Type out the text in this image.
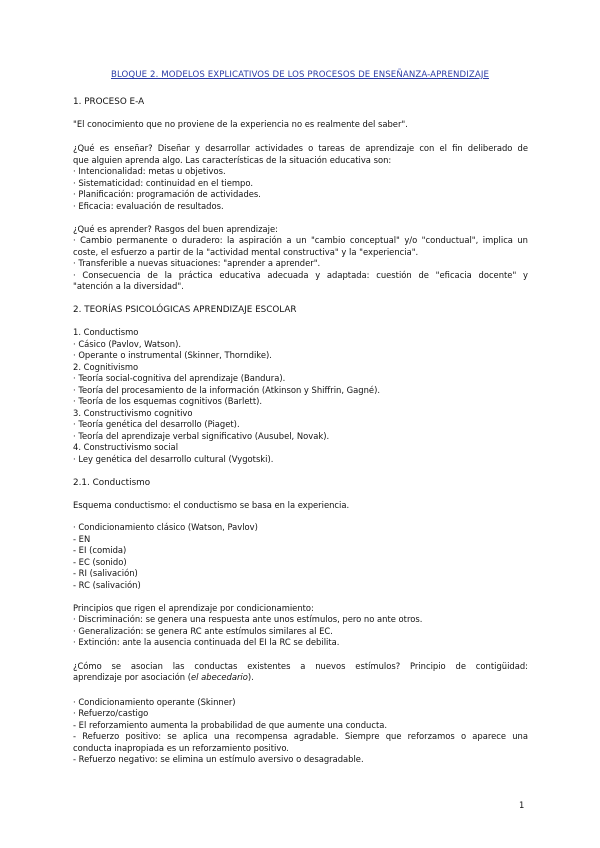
BLOQUE 2. MODELOS EXPLICATIVOS DE LOS PROCESOS DE ENSEÑANZA-APRENDIZAJE
1. PROCESO E-A
"El conocimiento que no proviene de la experiencia no es realmente del saber".
¿Qué es enseñar? Diseñar y desarrollar actividades o tareas de aprendizaje con el fin deliberado de
que alguien aprenda algo. Las características de la situación educativa son:
· Intencionalidad: metas u objetivos.
· Sistematicidad: continuidad en el tiempo.
· Planificación: programación de actividades.
· Eficacia: evaluación de resultados.
¿Qué es aprender? Rasgos del buen aprendizaje:
· Cambio permanente o duradero: la aspiración a un "cambio conceptual" y/o "conductual", implica un
coste, el esfuerzo a partir de la "actividad mental constructiva" y la "experiencia".
· Transferible a nuevas situaciones: "aprender a aprender".
· Consecuencia de la práctica educativa adecuada y adaptada: cuestión de "eficacia docente" y
"atención a la diversidad".
2. TEORÍAS PSICOLÓGICAS APRENDIZAJE ESCOLAR
1. Conductismo
· Cásico (Pavlov, Watson).
· Operante o instrumental (Skinner, Thorndike).
2. Cognitivismo
· Teoría social-cognitiva del aprendizaje (Bandura).
· Teoría del procesamiento de la información (Atkinson y Shiffrin, Gagné).
· Teoría de los esquemas cognitivos (Barlett).
3. Constructivismo cognitivo
· Teoría genética del desarrollo (Piaget).
· Teoría del aprendizaje verbal significativo (Ausubel, Novak).
4. Constructivismo social
· Ley genética del desarrollo cultural (Vygotski).
2.1. Conductismo
Esquema conductismo: el conductismo se basa en la experiencia.
· Condicionamiento clásico (Watson, Pavlov)
- EN
- EI (comida)
- EC (sonido)
- RI (salivación)
- RC (salivación)
Principios que rigen el aprendizaje por condicionamiento:
· Discriminación: se genera una respuesta ante unos estímulos, pero no ante otros.
· Generalización: se genera RC ante estímulos similares al EC.
· Extinción: ante la ausencia continuada del EI la RC se debilita.
¿Cómo se asocian las conductas existentes a nuevos estímulos? Principio de contigüidad:
aprendizaje por asociación (el abecedario).
· Condicionamiento operante (Skinner)
· Refuerzo/castigo
- El reforzamiento aumenta la probabilidad de que aumente una conducta.
- Refuerzo positivo: se aplica una recompensa agradable. Siempre que reforzamos o aparece una
conducta inapropiada es un reforzamiento positivo.
- Refuerzo negativo: se elimina un estímulo aversivo o desagradable.
1
